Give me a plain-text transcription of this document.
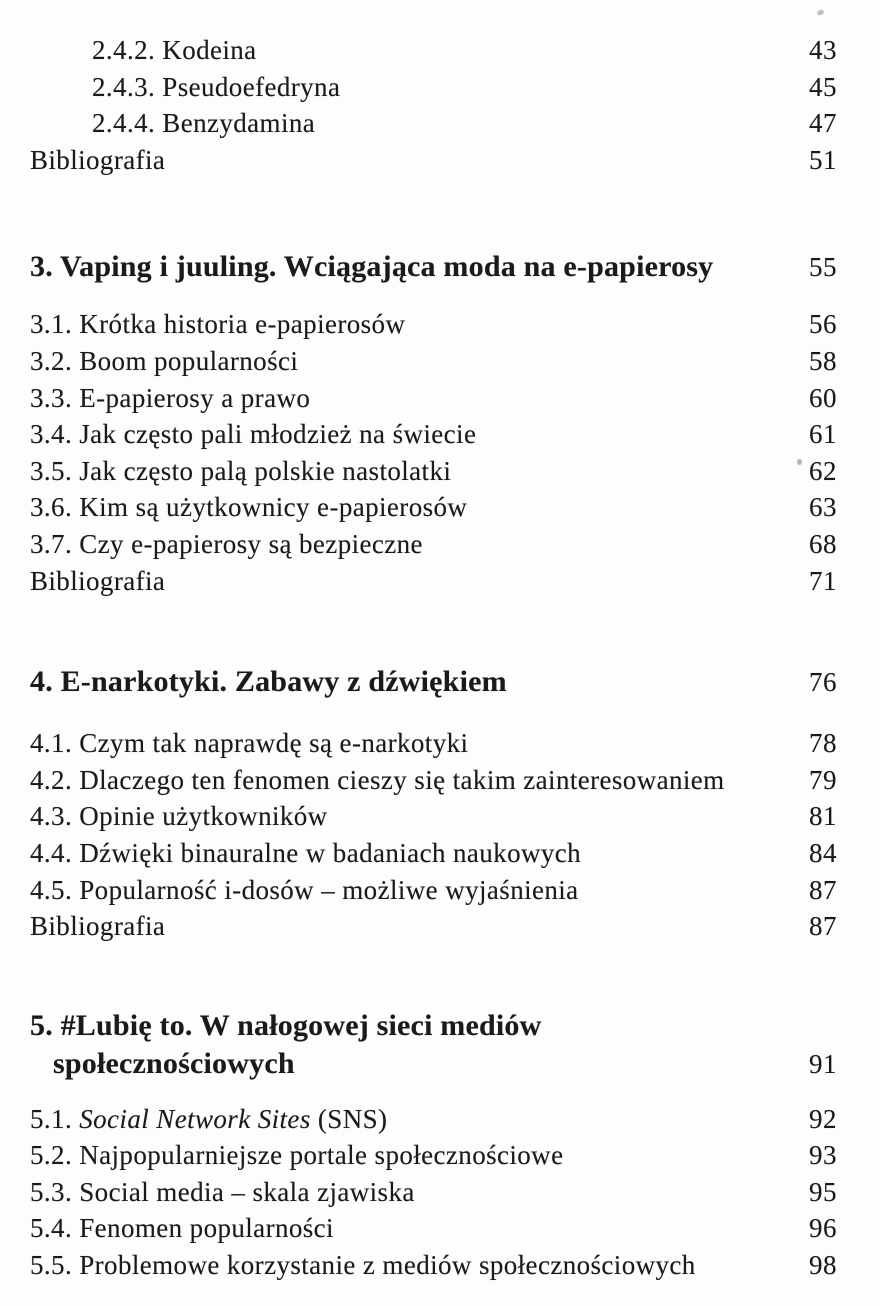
2.4.2. Kodeina	43
2.4.3. Pseudoefedryna	45
2.4.4. Benzydamina	47
Bibliografia	51
3. Vaping i juuling. Wciągająca moda na e-papierosy	55
3.1. Krótka historia e-papierosów	56
3.2. Boom popularności	58
3.3. E-papierosy a prawo	60
3.4. Jak często pali młodzież na świecie	61
3.5. Jak często palą polskie nastolatki	62
3.6. Kim są użytkownicy e-papierosów	63
3.7. Czy e-papierosy są bezpieczne	68
Bibliografia	71
4. E-narkotyki. Zabawy z dźwiękiem	76
4.1. Czym tak naprawdę są e-narkotyki	78
4.2. Dlaczego ten fenomen cieszy się takim zainteresowaniem	79
4.3. Opinie użytkowników	81
4.4. Dźwięki binauralne w badaniach naukowych	84
4.5. Popularność i-dosów – możliwe wyjaśnienia	87
Bibliografia	87
5. #Lubię to. W nałogowej sieci mediów
społecznościowych	91
5.1. Social Network Sites (SNS)	92
5.2. Najpopularniejsze portale społecznościowe	93
5.3. Social media – skala zjawiska	95
5.4. Fenomen popularności	96
5.5. Problemowe korzystanie z mediów społecznościowych	98
